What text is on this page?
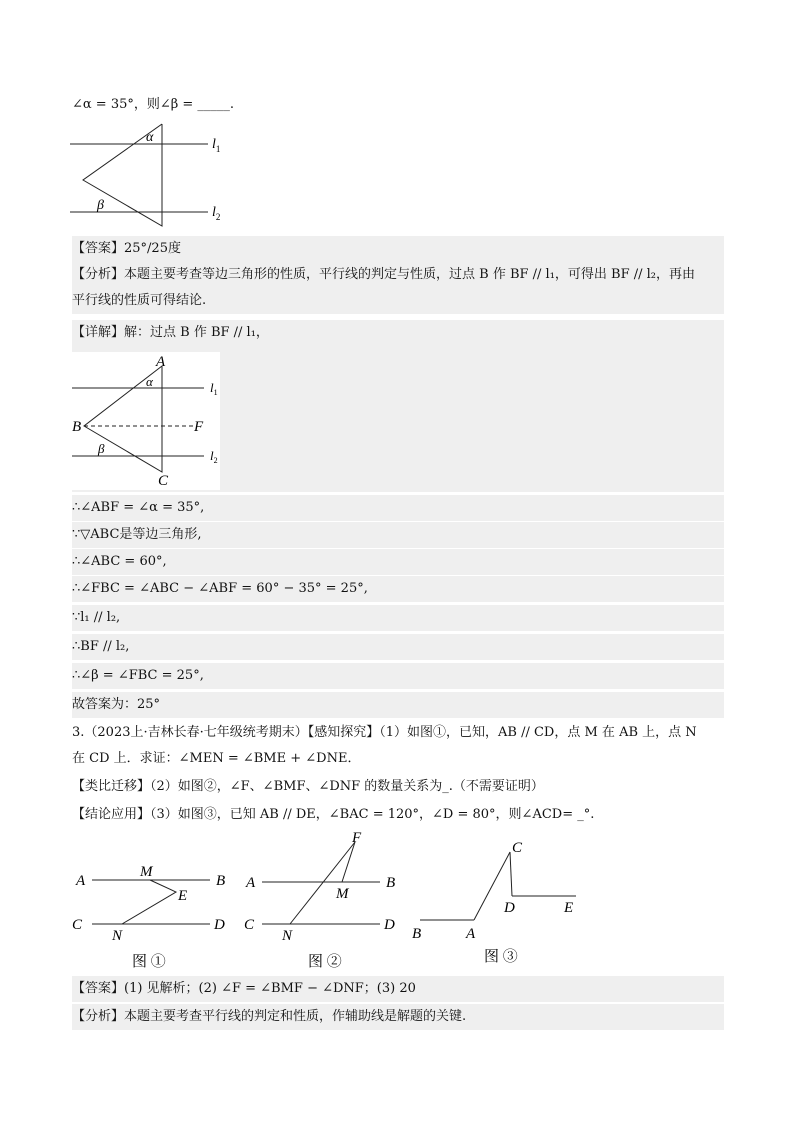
∠α = 35°，则∠β = _____.
α
β
$l_1$
$l_2$
【答案】25°/25度
【分析】本题主要考查等边三角形的性质，平行线的判定与性质，过点 B 作 BF // l₁，可得出 BF // l₂，再由
平行线的性质可得结论.
【详解】解：过点 B 作 BF // l₁，
A
B
C
F
α
β
$l_1$
$l_2$
∴∠ABF = ∠α = 35°,
∵▽ABC是等边三角形,
∴∠ABC = 60°,
∴∠FBC = ∠ABC − ∠ABF = 60° − 35° = 25°,
∵l₁ // l₂,
∴BF // l₂,
∴∠β = ∠FBC = 25°,
故答案为：25°
3.（2023上·吉林长春·七年级统考期末）【感知探究】（1）如图①，已知，AB // CD，点 M 在 AB 上，点 N
在 CD 上．求证：∠MEN = ∠BME + ∠DNE．
【类比迁移】（2）如图②，∠F、∠BMF、∠DNF 的数量关系为_.（不需要证明）
【结论应用】（3）如图③，已知 AB // DE，∠BAC = 120°，∠D = 80°，则∠ACD= _°.
A	B
C	D
M
E
N
图 ①
F
A	B
M
C	D
N
图 ②
C
D	E
B	A
图 ③
【答案】(1) 见解析；(2) ∠F = ∠BMF − ∠DNF；(3) 20
【分析】本题主要考查平行线的判定和性质，作辅助线是解题的关键.
